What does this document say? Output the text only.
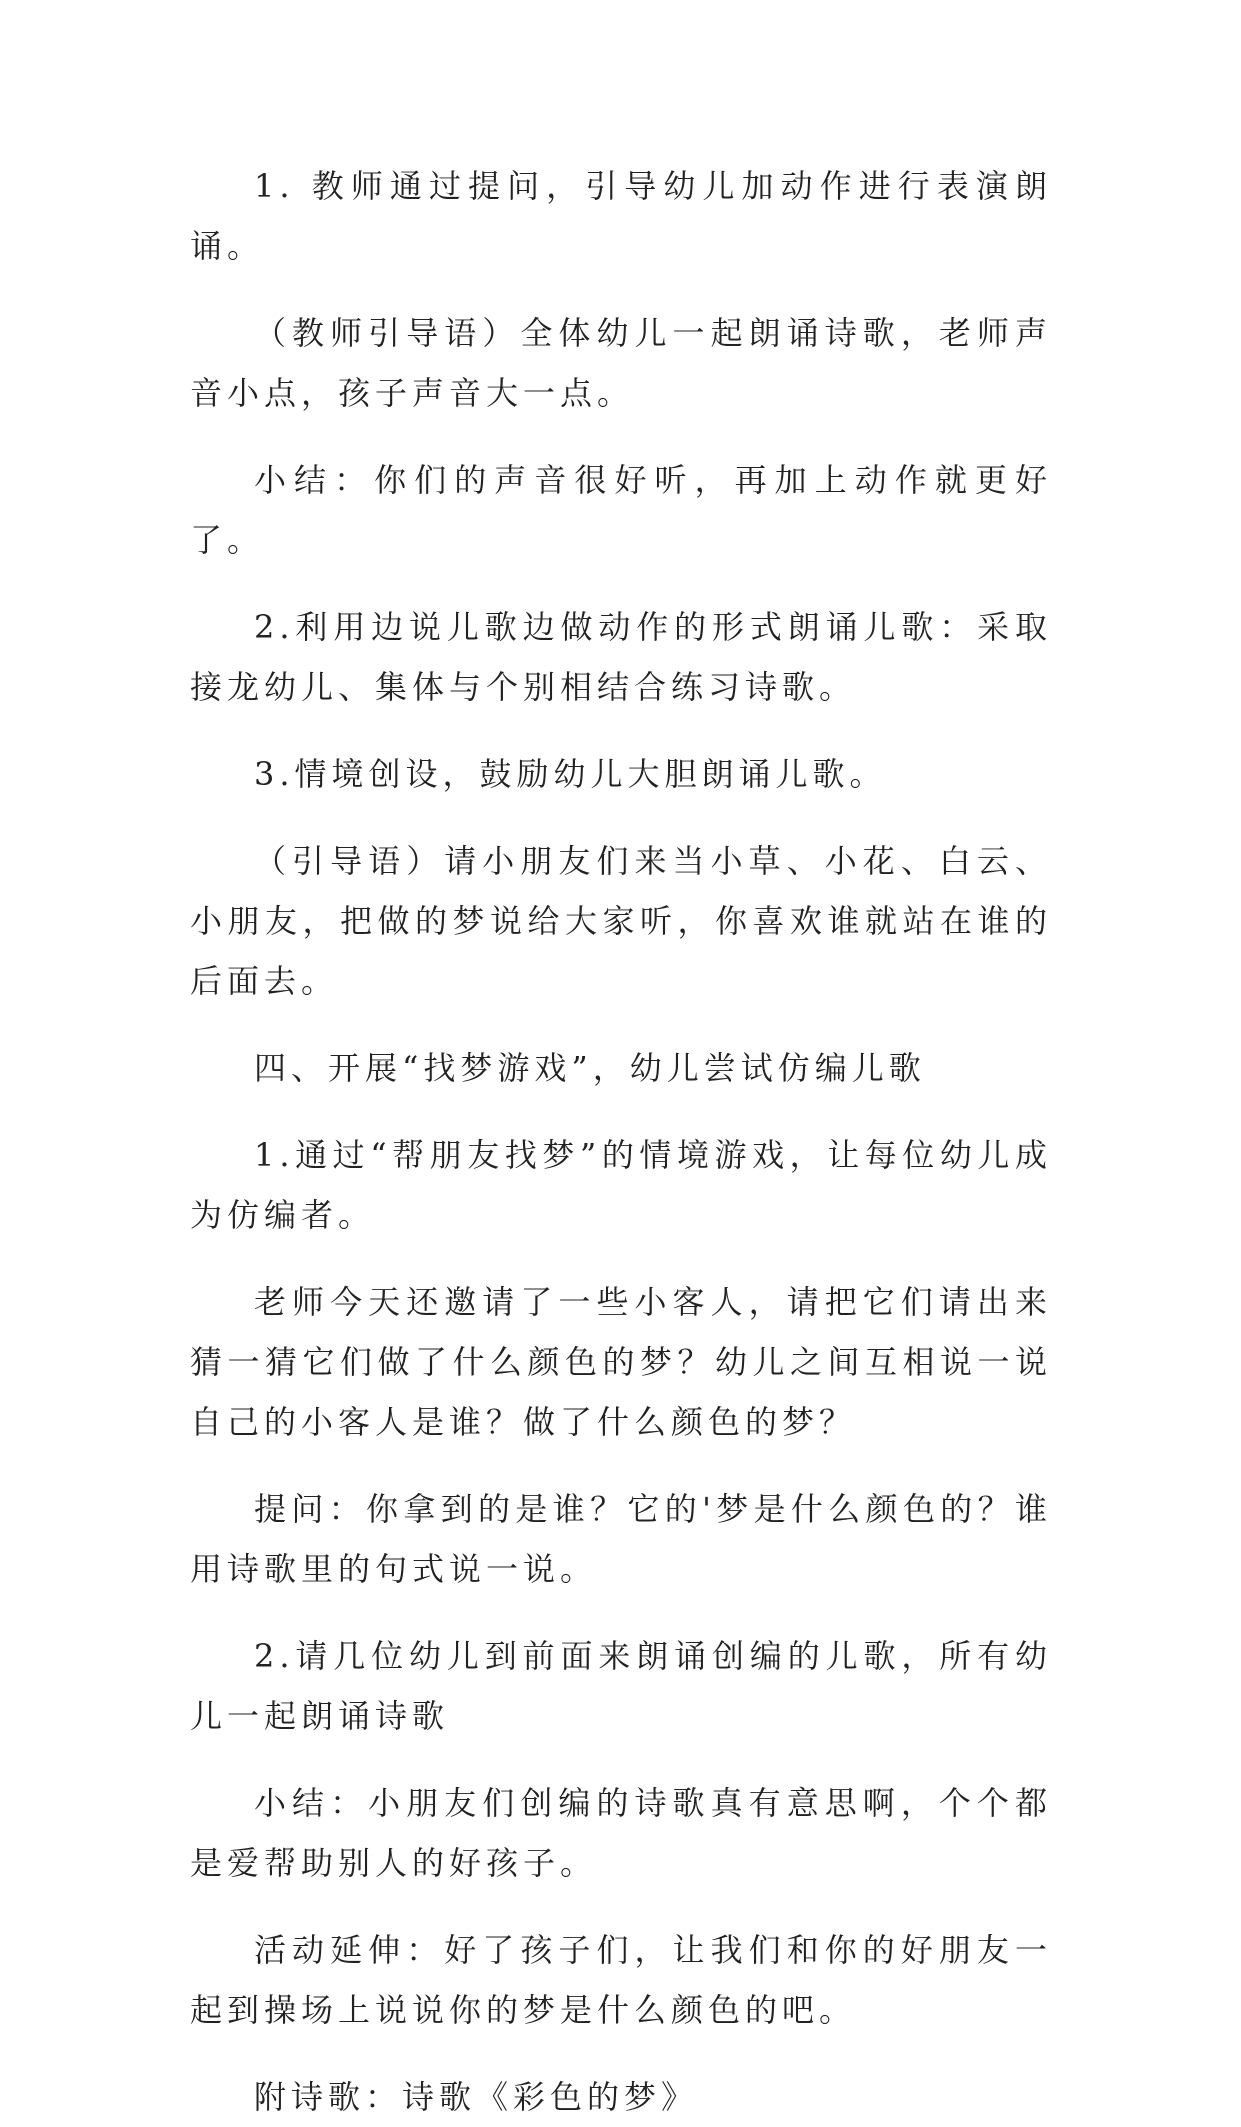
1. 教师通过提问，引导幼儿加动作进行表演朗诵。

（教师引导语）全体幼儿一起朗诵诗歌，老师声音小点，孩子声音大一点。

小结：你们的声音很好听，再加上动作就更好了。

2.利用边说儿歌边做动作的形式朗诵儿歌：采取接龙幼儿、集体与个别相结合练习诗歌。

3.情境创设，鼓励幼儿大胆朗诵儿歌。

（引导语）请小朋友们来当小草、小花、白云、小朋友，把做的梦说给大家听，你喜欢谁就站在谁的后面去。

四、开展“找梦游戏”，幼儿尝试仿编儿歌

1.通过“帮朋友找梦”的情境游戏，让每位幼儿成为仿编者。

老师今天还邀请了一些小客人，请把它们请出来猜一猜它们做了什么颜色的梦？幼儿之间互相说一说自己的小客人是谁？做了什么颜色的梦？

提问：你拿到的是谁？它的'梦是什么颜色的？谁用诗歌里的句式说一说。

2.请几位幼儿到前面来朗诵创编的儿歌，所有幼儿一起朗诵诗歌

小结：小朋友们创编的诗歌真有意思啊，个个都是爱帮助别人的好孩子。

活动延伸：好了孩子们，让我们和你的好朋友一起到操场上说说你的梦是什么颜色的吧。

附诗歌：诗歌《彩色的梦》
